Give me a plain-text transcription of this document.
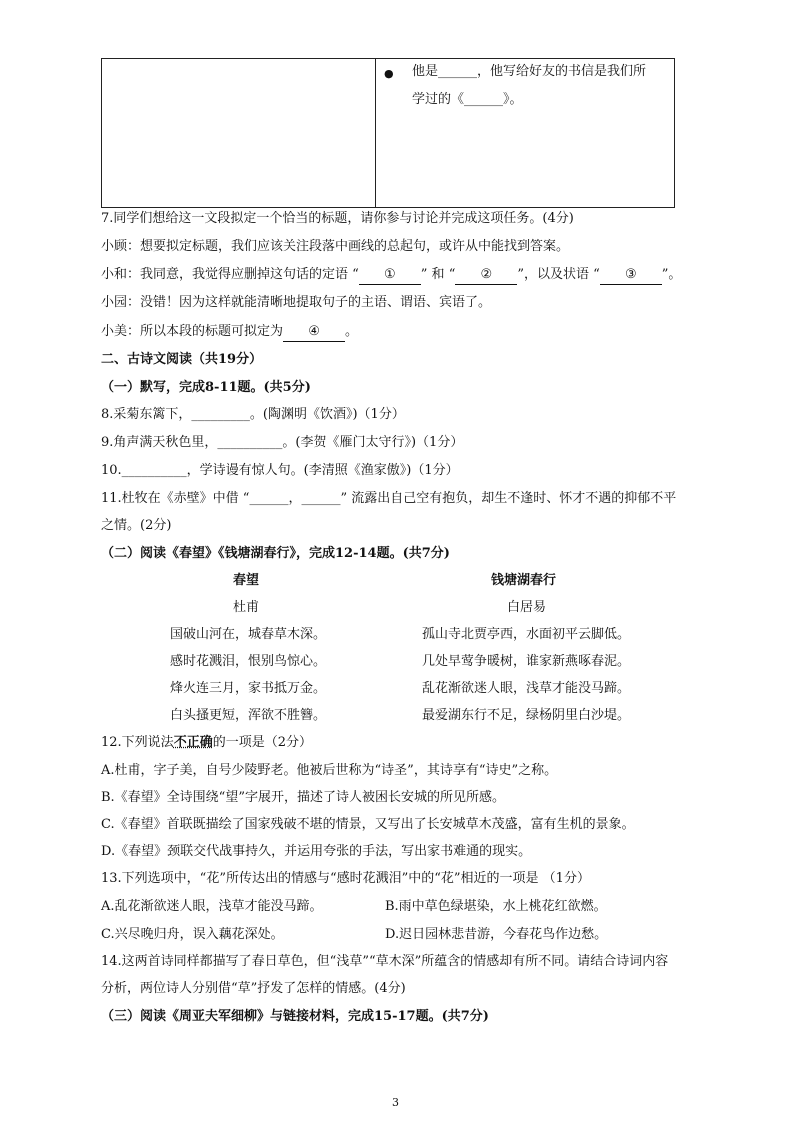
● 他是______，他写给好友的书信是我们所
学过的《______》。
7.同学们想给这一文段拟定一个恰当的标题，请你参与讨论并完成这项任务。(4分)
小顾：想要拟定标题，我们应该关注段落中画线的总起句，或许从中能找到答案。
小和：我同意，我觉得应删掉这句话的定语 “ ① ” 和 “ ② ”，以及状语 “ ③ ”。
小园：没错！因为这样就能清晰地提取句子的主语、谓语、宾语了。
小美：所以本段的标题可拟定为 ④ 。
二、古诗文阅读（共19分）
（一）默写，完成8-11题。(共5分)
8.采菊东篱下，_________。(陶渊明《饮酒》)（1分）
9.角声满天秋色里，__________。(李贺《雁门太守行》)（1分）
10.__________，学诗谩有惊人句。(李清照《渔家傲》)（1分）
11.杜牧在《赤壁》中借 “______，______” 流露出自己空有抱负，却生不逢时、怀才不遇的抑郁不平
之情。(2分)
（二）阅读《春望》《钱塘湖春行》，完成12-14题。(共7分)
春望
杜甫
国破山河在，城春草木深。
感时花溅泪，恨别鸟惊心。
烽火连三月，家书抵万金。
白头搔更短，浑欲不胜簪。
钱塘湖春行
白居易
孤山寺北贾亭西，水面初平云脚低。
几处早莺争暖树，谁家新燕啄春泥。
乱花渐欲迷人眼，浅草才能没马蹄。
最爱湖东行不足，绿杨阴里白沙堤。
12.下列说法不正确的一项是（2分）
A.杜甫，字子美，自号少陵野老。他被后世称为“诗圣”，其诗享有“诗史”之称。
B.《春望》全诗围绕“望”字展开，描述了诗人被困长安城的所见所感。
C.《春望》首联既描绘了国家残破不堪的情景，又写出了长安城草木茂盛，富有生机的景象。
D.《春望》颈联交代战事持久，并运用夸张的手法，写出家书难通的现实。
13.下列选项中，“花”所传达出的情感与“感时花溅泪”中的“花”相近的一项是 （1分）
A.乱花渐欲迷人眼，浅草才能没马蹄。	B.雨中草色绿堪染，水上桃花红欲燃。
C.兴尽晚归舟，误入藕花深处。	D.迟日园林悲昔游，今春花鸟作边愁。
14.这两首诗同样都描写了春日草色，但“浅草”“草木深”所蕴含的情感却有所不同。请结合诗词内容
分析，两位诗人分别借“草”抒发了怎样的情感。(4分)
（三）阅读《周亚夫军细柳》与链接材料，完成15-17题。(共7分)
3
